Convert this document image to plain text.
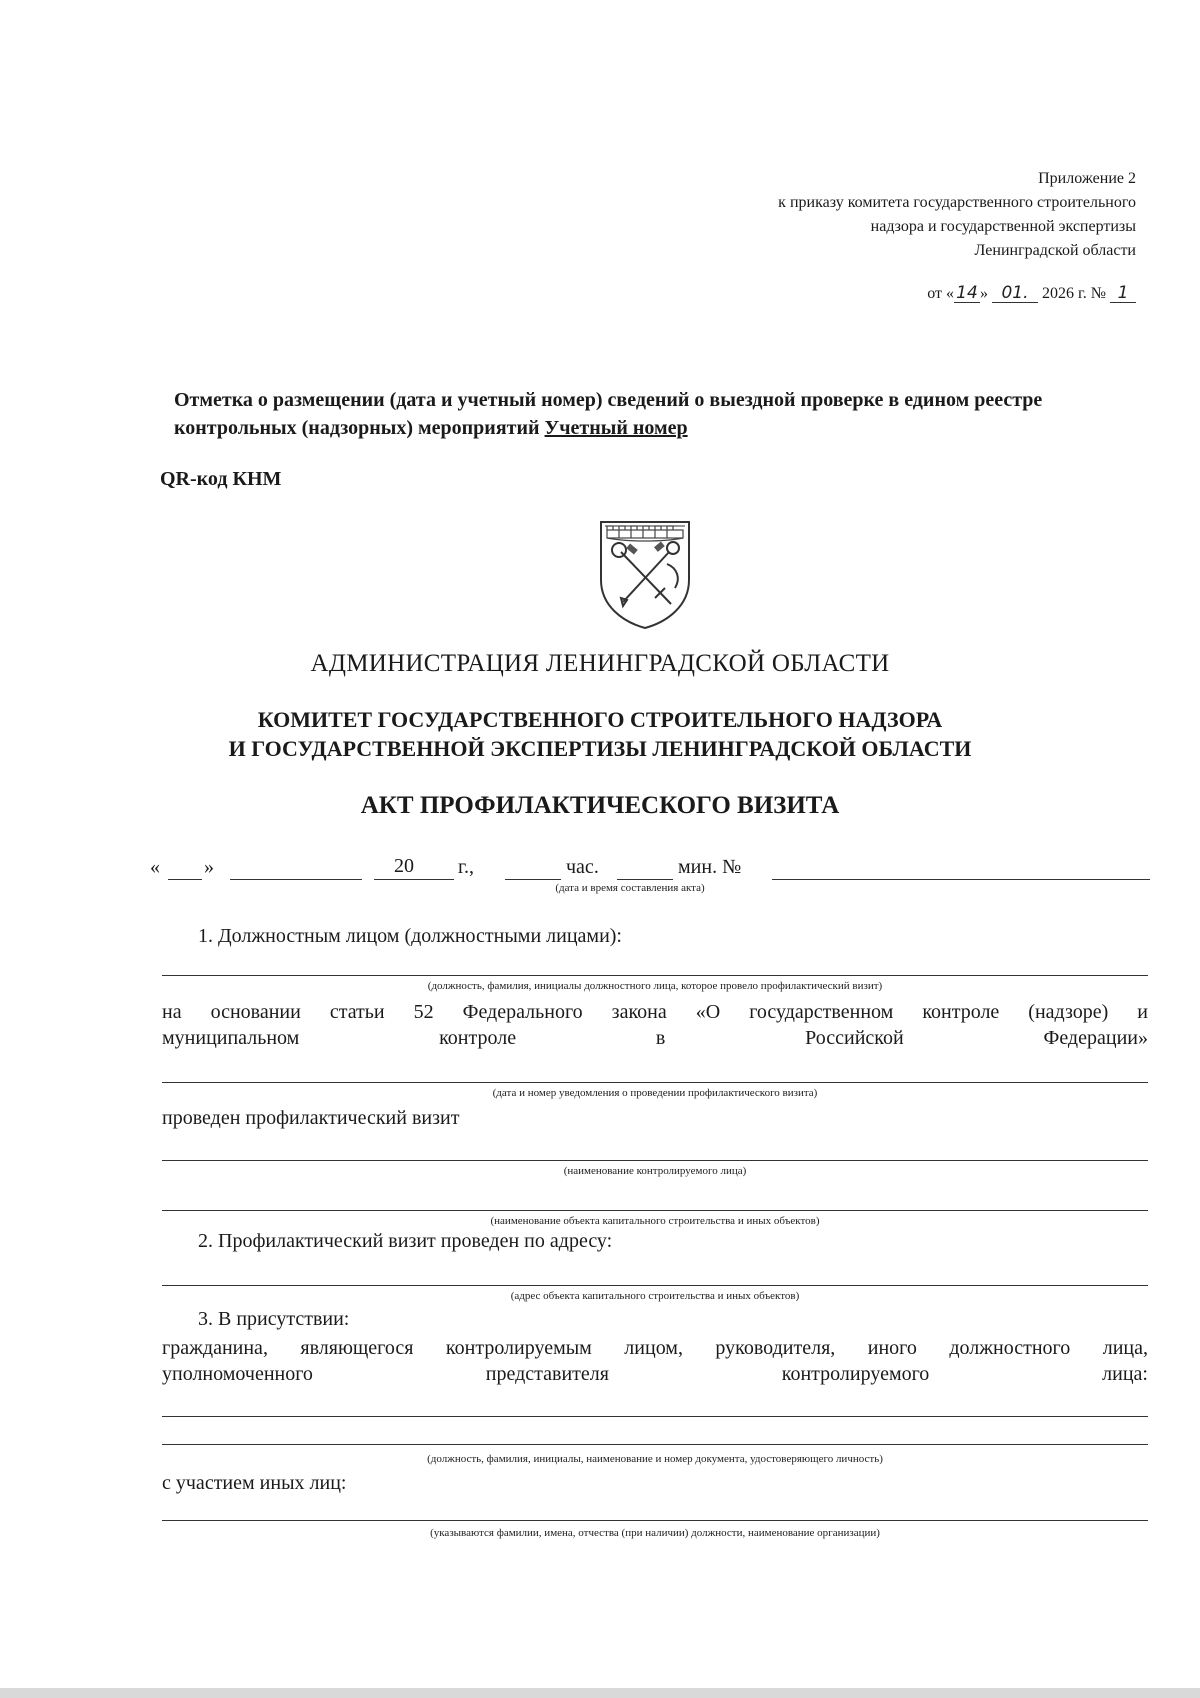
Приложение 2
к приказу комитета государственного строительного
надзора и государственной экспертизы
Ленинградской области
от « 14 » 01. 2026 г. № 1
Отметка о размещении (дата и учетный номер) сведений о выездной проверке в едином реестре контрольных (надзорных) мероприятий Учетный номер
QR-код КНМ
АДМИНИСТРАЦИЯ ЛЕНИНГРАДСКОЙ ОБЛАСТИ
КОМИТЕТ ГОСУДАРСТВЕННОГО СТРОИТЕЛЬНОГО НАДЗОРА
И ГОСУДАРСТВЕННОЙ ЭКСПЕРТИЗЫ ЛЕНИНГРАДСКОЙ ОБЛАСТИ
АКТ ПРОФИЛАКТИЧЕСКОГО ВИЗИТА
« »	20 г.,	час.	мин. №
(дата и время составления акта)
1. Должностным лицом (должностными лицами):
(должность, фамилия, инициалы должностного лица, которое провело профилактический визит)
на основании статьи 52 Федерального закона «О государственном контроле (надзоре) и
муниципальном	контроле	в	Российской	Федерации»
(дата и номер уведомления о проведении профилактического визита)
проведен профилактический визит
(наименование контролируемого лица)
(наименование объекта капитального строительства и иных объектов)
2. Профилактический визит проведен по адресу:
(адрес объекта капитального строительства и иных объектов)
3. В присутствии:
гражданина, являющегося контролируемым лицом, руководителя, иного должностного лица,
уполномоченного	представителя	контролируемого	лица:
(должность, фамилия, инициалы, наименование и номер документа, удостоверяющего личность)
с участием иных лиц:
(указываются фамилии, имена, отчества (при наличии) должности, наименование организации)
